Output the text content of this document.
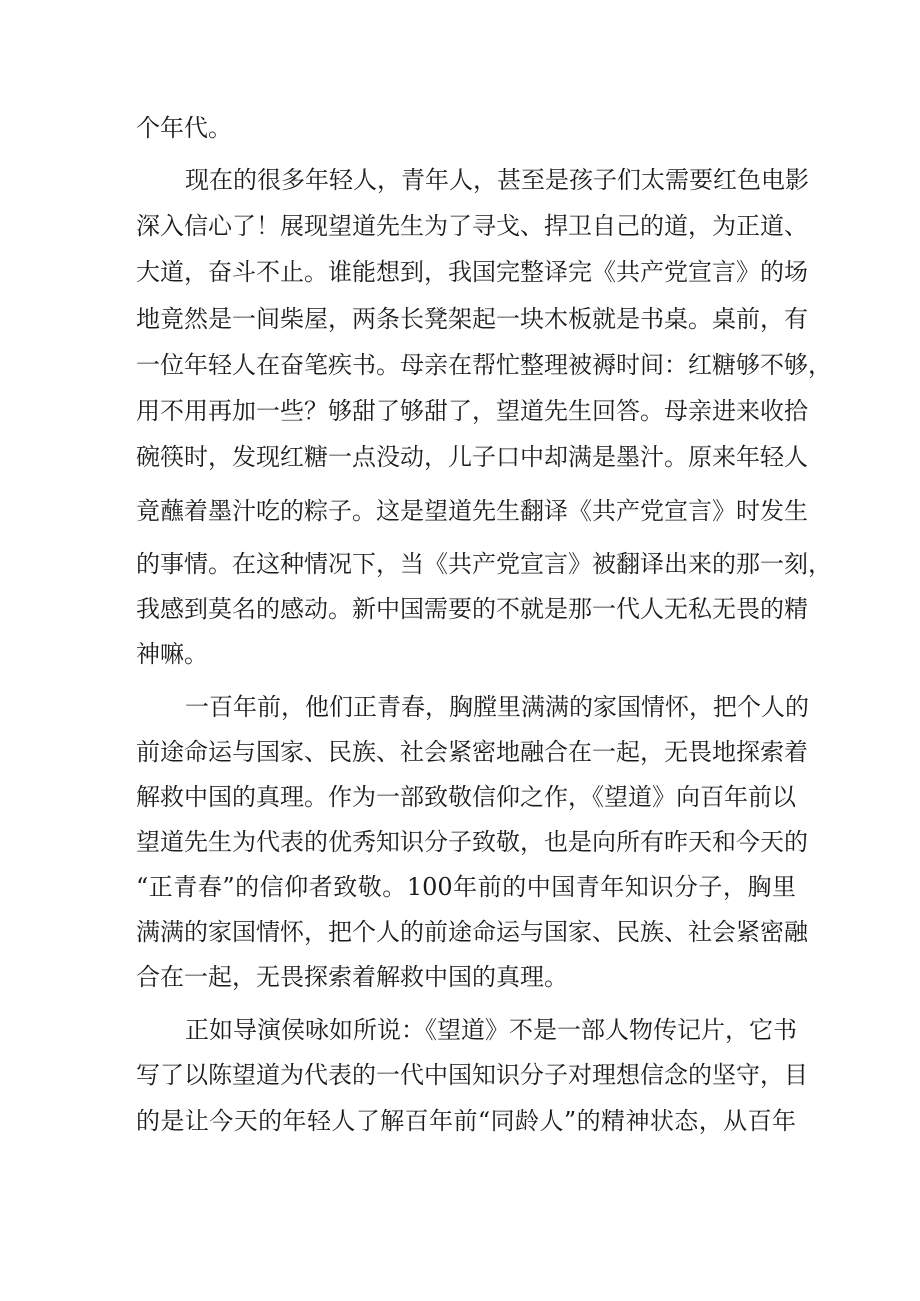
个年代。

现在的很多年轻人，青年人，甚至是孩子们太需要红色电影

深入信心了！展现望道先生为了寻戈、捍卫自己的道，为正道、

大道，奋斗不止。谁能想到，我国完整译完《共产党宣言》的场

地竟然是一间柴屋，两条长凳架起一块木板就是书桌。桌前，有

一位年轻人在奋笔疾书。母亲在帮忙整理被褥时间：红糖够不够，

用不用再加一些？够甜了够甜了，望道先生回答。母亲进来收拾

碗筷时，发现红糖一点没动，儿子口中却满是墨汁。原来年轻人

竟蘸着墨汁吃的粽子。这是望道先生翻译《共产党宣言》时发生

的事情。在这种情况下，当《共产党宣言》被翻译出来的那一刻，

我感到莫名的感动。新中国需要的不就是那一代人无私无畏的精

神嘛。

一百年前，他们正青春，胸膛里满满的家国情怀，把个人的

前途命运与国家、民族、社会紧密地融合在一起，无畏地探索着

解救中国的真理。作为一部致敬信仰之作，《望道》向百年前以

望道先生为代表的优秀知识分子致敬，也是向所有昨天和今天的

“正青春”的信仰者致敬。100年前的中国青年知识分子，胸里

满满的家国情怀，把个人的前途命运与国家、民族、社会紧密融

合在一起，无畏探索着解救中国的真理。

正如导演侯咏如所说：《望道》不是一部人物传记片，它书

写了以陈望道为代表的一代中国知识分子对理想信念的坚守，目

的是让今天的年轻人了解百年前“同龄人”的精神状态，从百年
